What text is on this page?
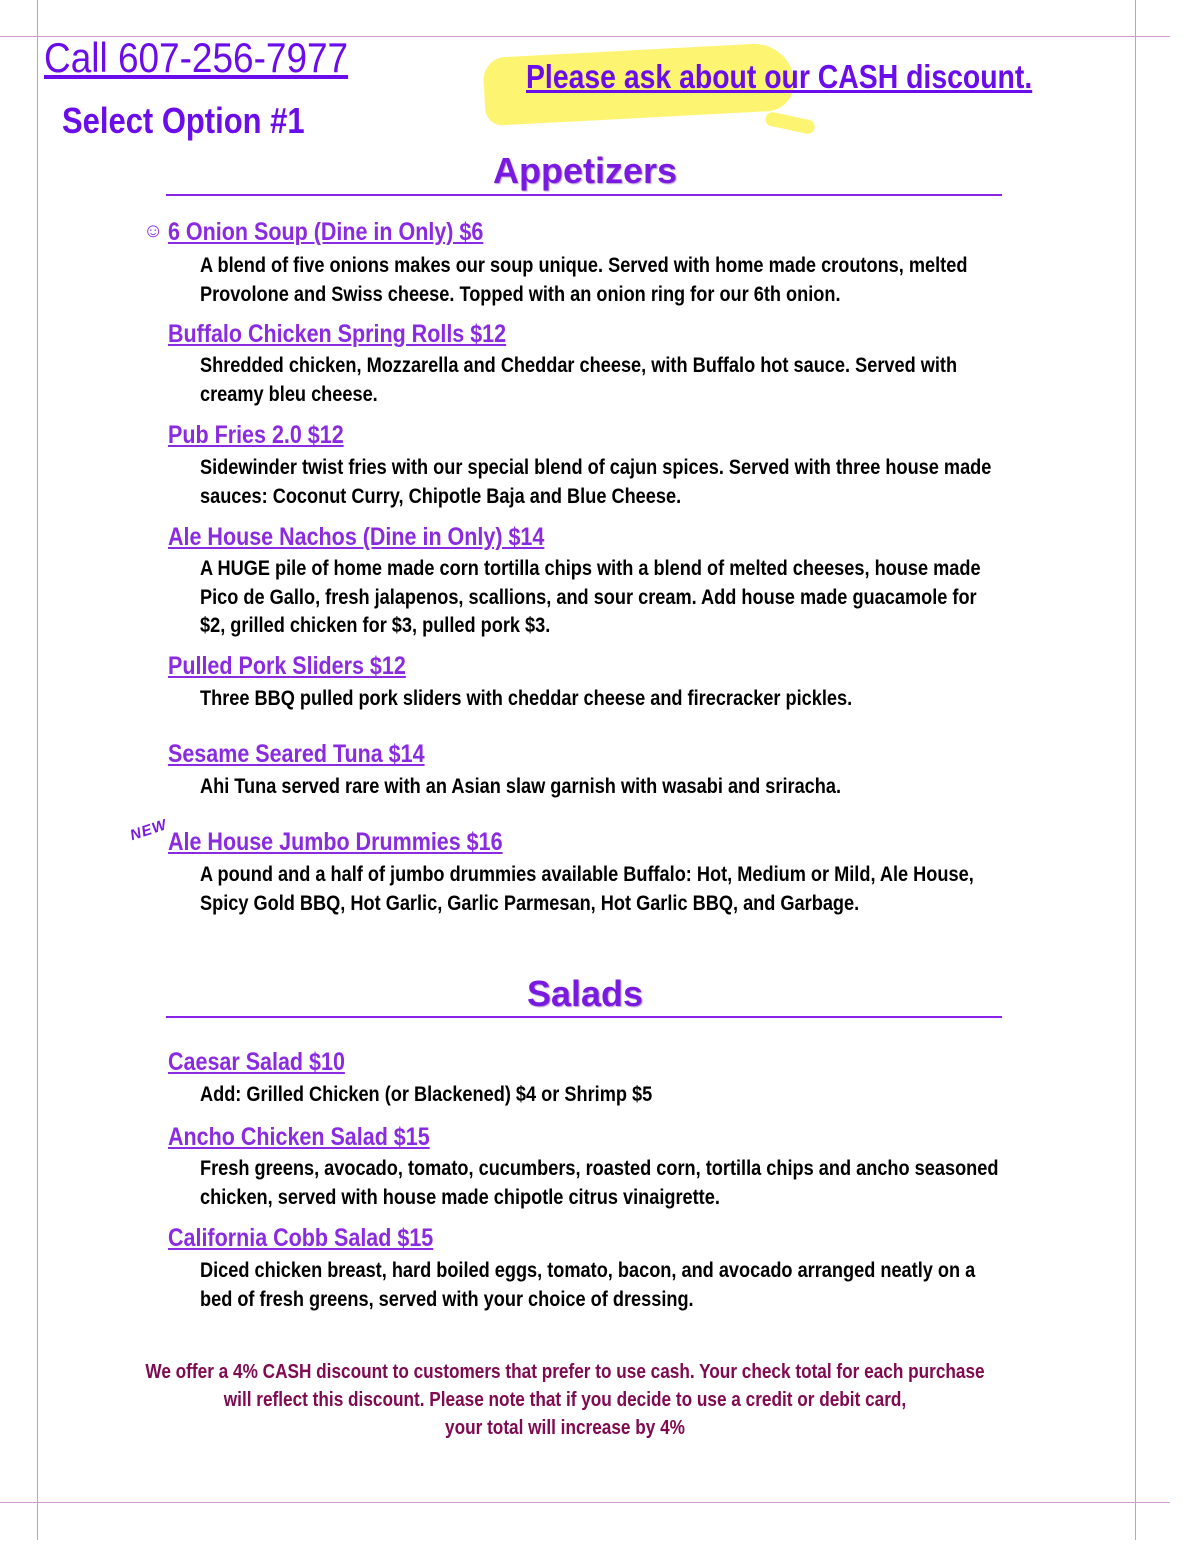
Call 607-256-7977
Select Option #1
Please ask about our CASH discount.
Appetizers
☺ 6 Onion Soup (Dine in Only) $6
A blend of five onions makes our soup unique. Served with home made croutons, melted Provolone and Swiss cheese. Topped with an onion ring for our 6th onion.
Buffalo Chicken Spring Rolls $12
Shredded chicken, Mozzarella and Cheddar cheese, with Buffalo hot sauce. Served with creamy bleu cheese.
Pub Fries 2.0 $12
Sidewinder twist fries with our special blend of cajun spices. Served with three house made sauces: Coconut Curry, Chipotle Baja and Blue Cheese.
Ale House Nachos (Dine in Only) $14
A HUGE pile of home made corn tortilla chips with a blend of melted cheeses, house made Pico de Gallo, fresh jalapenos, scallions, and sour cream. Add house made guacamole for $2, grilled chicken for $3, pulled pork $3.
Pulled Pork Sliders $12
Three BBQ pulled pork sliders with cheddar cheese and firecracker pickles.
Sesame Seared Tuna $14
Ahi Tuna served rare with an Asian slaw garnish with wasabi and sriracha.
NEW
Ale House Jumbo Drummies $16
A pound and a half of jumbo drummies available Buffalo: Hot, Medium or Mild, Ale House, Spicy Gold BBQ, Hot Garlic, Garlic Parmesan, Hot Garlic BBQ, and Garbage.
Salads
Caesar Salad $10
Add: Grilled Chicken (or Blackened) $4 or Shrimp $5
Ancho Chicken Salad $15
Fresh greens, avocado, tomato, cucumbers, roasted corn, tortilla chips and ancho seasoned chicken, served with house made chipotle citrus vinaigrette.
California Cobb Salad $15
Diced chicken breast, hard boiled eggs, tomato, bacon, and avocado arranged neatly on a bed of fresh greens, served with your choice of dressing.
We offer a 4% CASH discount to customers that prefer to use cash. Your check total for each purchase
will reflect this discount. Please note that if you decide to use a credit or debit card,
your total will increase by 4%
